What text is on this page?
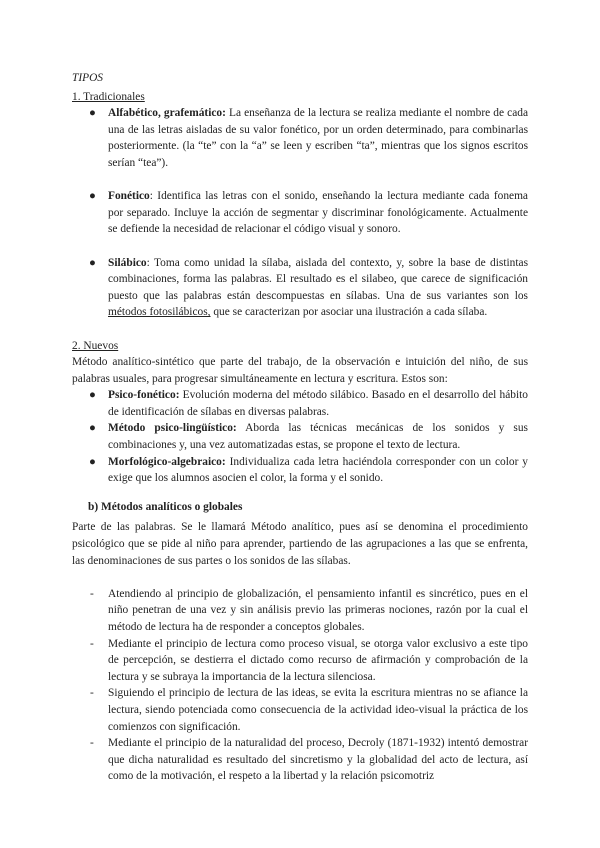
TIPOS

1. Tradicionales

● Alfabético, grafemático: La enseñanza de la lectura se realiza mediante el nombre de cada una de las letras aisladas de su valor fonético, por un orden determinado, para combinarlas posteriormente. (la “te” con la “a” se leen y escriben “ta”, mientras que los signos escritos serían “tea”).
● Fonético: Identifica las letras con el sonido, enseñando la lectura mediante cada fonema por separado. Incluye la acción de segmentar y discriminar fonológicamente. Actualmente se defiende la necesidad de relacionar el código visual y sonoro.
● Silábico: Toma como unidad la sílaba, aislada del contexto, y, sobre la base de distintas combinaciones, forma las palabras. El resultado es el silabeo, que carece de significación puesto que las palabras están descompuestas en sílabas. Una de sus variantes son los métodos fotosilábicos, que se caracterizan por asociar una ilustración a cada sílaba.

2. Nuevos

Método analítico-sintético que parte del trabajo, de la observación e intuición del niño, de sus palabras usuales, para progresar simultáneamente en lectura y escritura. Estos son:

● Psico-fonético: Evolución moderna del método silábico. Basado en el desarrollo del hábito de identificación de sílabas en diversas palabras.
● Método psico-lingüístico: Aborda las técnicas mecánicas de los sonidos y sus combinaciones y, una vez automatizadas estas, se propone el texto de lectura.
● Morfológico-algebraico: Individualiza cada letra haciéndola corresponder con un color y exige que los alumnos asocien el color, la forma y el sonido.

b) Métodos analíticos o globales

Parte de las palabras. Se le llamará Método analítico, pues así se denomina el procedimiento psicológico que se pide al niño para aprender, partiendo de las agrupaciones a las que se enfrenta, las denominaciones de sus partes o los sonidos de las sílabas.

- Atendiendo al principio de globalización, el pensamiento infantil es sincrético, pues en el niño penetran de una vez y sin análisis previo las primeras nociones, razón por la cual el método de lectura ha de responder a conceptos globales.
- Mediante el principio de lectura como proceso visual, se otorga valor exclusivo a este tipo de percepción, se destierra el dictado como recurso de afirmación y comprobación de la lectura y se subraya la importancia de la lectura silenciosa.
- Siguiendo el principio de lectura de las ideas, se evita la escritura mientras no se afiance la lectura, siendo potenciada como consecuencia de la actividad ideo-visual la práctica de los comienzos con significación.
- Mediante el principio de la naturalidad del proceso, Decroly (1871-1932) intentó demostrar que dicha naturalidad es resultado del sincretismo y la globalidad del acto de lectura, así como de la motivación, el respeto a la libertad y la relación psicomotriz
